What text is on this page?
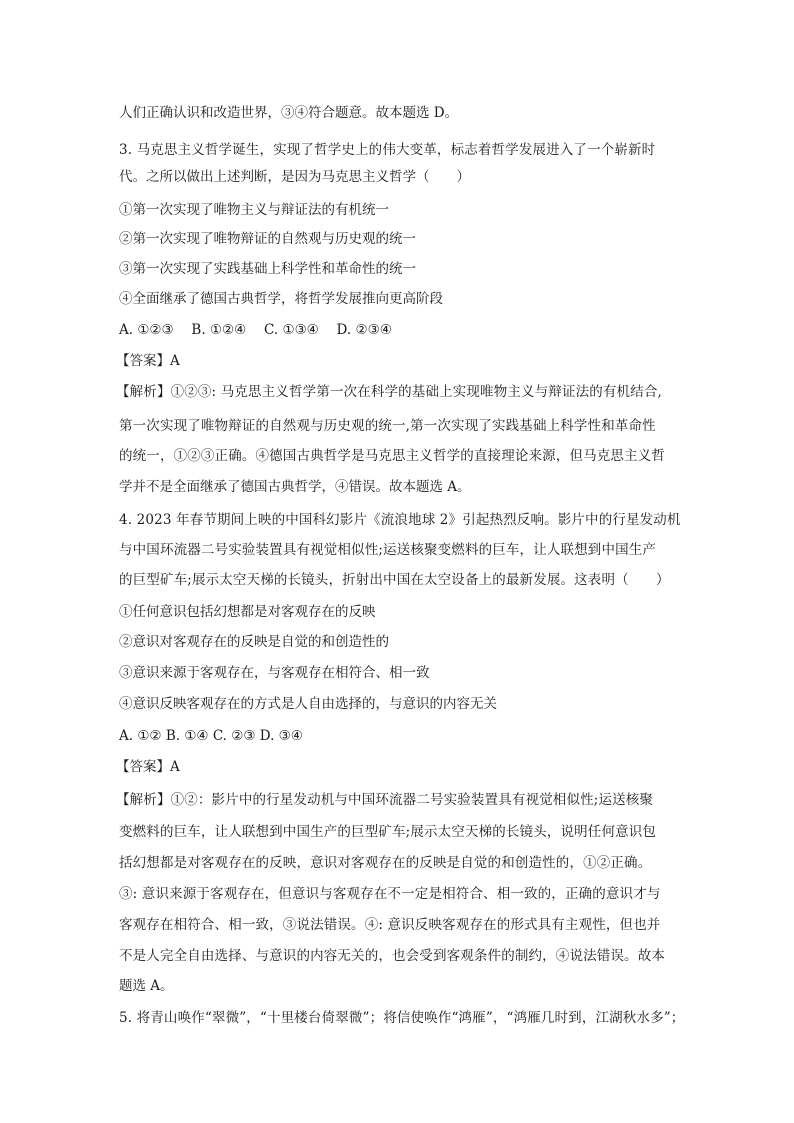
人们正确认识和改造世界，③④符合题意。故本题选 D。
3. 马克思主义哲学诞生，实现了哲学史上的伟大变革，标志着哲学发展进入了一个崭新时
代。之所以做出上述判断，是因为马克思主义哲学（　　）
①第一次实现了唯物主义与辩证法的有机统一
②第一次实现了唯物辩证的自然观与历史观的统一
③第一次实现了实践基础上科学性和革命性的统一
④全面继承了德国古典哲学，将哲学发展推向更高阶段
A. ①②③　 B. ①②④　 C. ①③④　 D. ②③④
【答案】A
【解析】①②③: 马克思主义哲学第一次在科学的基础上实现唯物主义与辩证法的有机结合,
第一次实现了唯物辩证的自然观与历史观的统一,第一次实现了实践基础上科学性和革命性
的统一，①②③正确。④德国古典哲学是马克思主义哲学的直接理论来源，但马克思主义哲
学并不是全面继承了德国古典哲学，④错误。故本题选 A。
4. 2023 年春节期间上映的中国科幻影片《流浪地球 2》引起热烈反响。影片中的行星发动机
与中国环流器二号实验装置具有视觉相似性;运送核聚变燃料的巨车，让人联想到中国生产
的巨型矿车;展示太空天梯的长镜头，折射出中国在太空设备上的最新发展。这表明（　　）
①任何意识包括幻想都是对客观存在的反映
②意识对客观存在的反映是自觉的和创造性的
③意识来源于客观存在，与客观存在相符合、相一致
④意识反映客观存在的方式是人自由选择的，与意识的内容无关
A. ①② B. ①④ C. ②③ D. ③④
【答案】A
【解析】①②：影片中的行星发动机与中国环流器二号实验装置具有视觉相似性;运送核聚
变燃料的巨车，让人联想到中国生产的巨型矿车;展示太空天梯的长镜头，说明任何意识包
括幻想都是对客观存在的反映，意识对客观存在的反映是自觉的和创造性的，①②正确。
③: 意识来源于客观存在，但意识与客观存在不一定是相符合、相一致的，正确的意识才与
客观存在相符合、相一致，③说法错误。④: 意识反映客观存在的形式具有主观性，但也并
不是人完全自由选择、与意识的内容无关的，也会受到客观条件的制约，④说法错误。故本
题选 A。
5. 将青山唤作“翠微”，“十里楼台倚翠微”；将信使唤作“鸿雁”，“鸿雁几时到，江湖秋水多”；
